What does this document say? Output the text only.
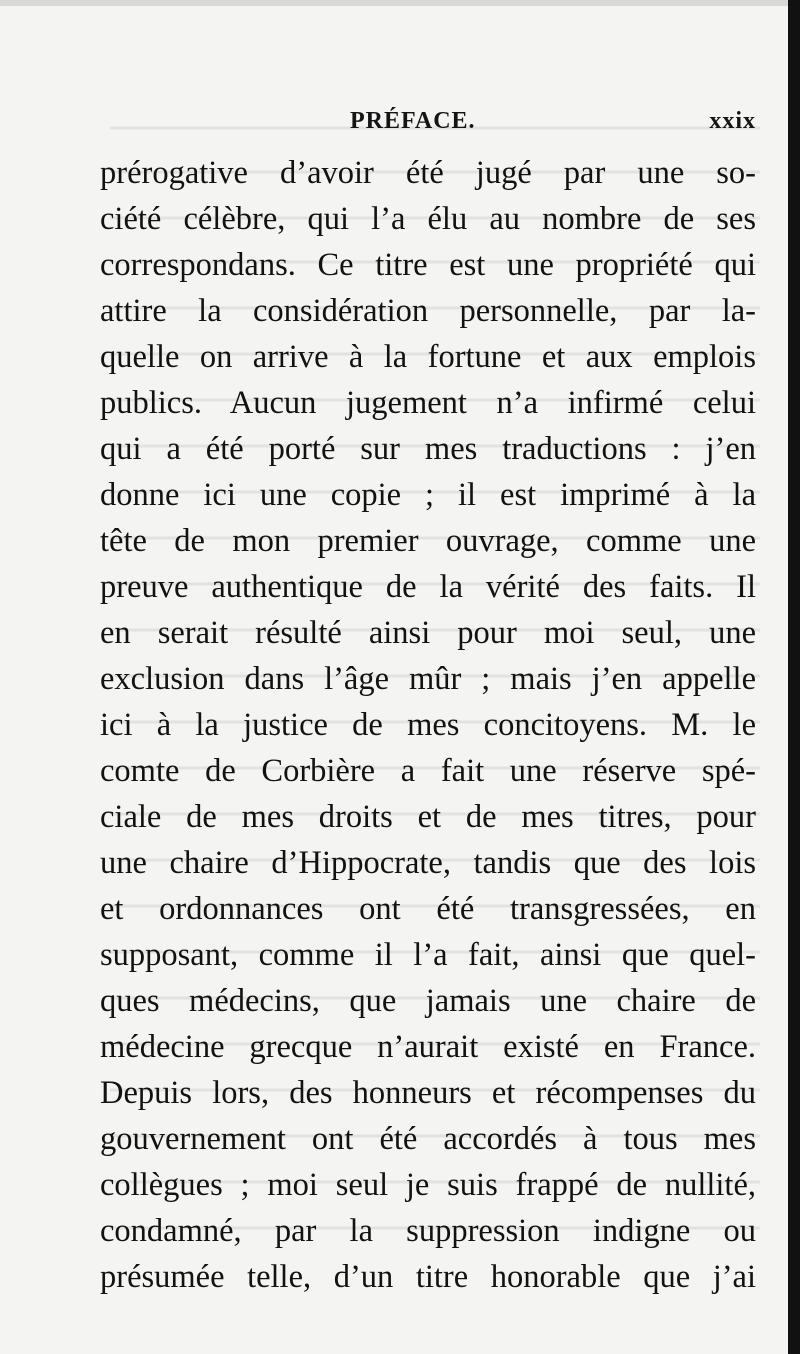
PRÉFACE.	xxix
prérogative d’avoir été jugé par une so-
ciété célèbre, qui l’a élu au nombre de ses
correspondans. Ce titre est une propriété qui
attire la considération personnelle, par la-
quelle on arrive à la fortune et aux emplois
publics. Aucun jugement n’a infirmé celui
qui a été porté sur mes traductions : j’en
donne ici une copie ; il est imprimé à la
tête de mon premier ouvrage, comme une
preuve authentique de la vérité des faits. Il
en serait résulté ainsi pour moi seul, une
exclusion dans l’âge mûr ; mais j’en appelle
ici à la justice de mes concitoyens. M. le
comte de Corbière a fait une réserve spé-
ciale de mes droits et de mes titres, pour
une chaire d’Hippocrate, tandis que des lois
et ordonnances ont été transgressées, en
supposant, comme il l’a fait, ainsi que quel-
ques médecins, que jamais une chaire de
médecine grecque n’aurait existé en France.
Depuis lors, des honneurs et récompenses du
gouvernement ont été accordés à tous mes
collègues ; moi seul je suis frappé de nullité,
condamné, par la suppression indigne ou
présumée telle, d’un titre honorable que j’ai
